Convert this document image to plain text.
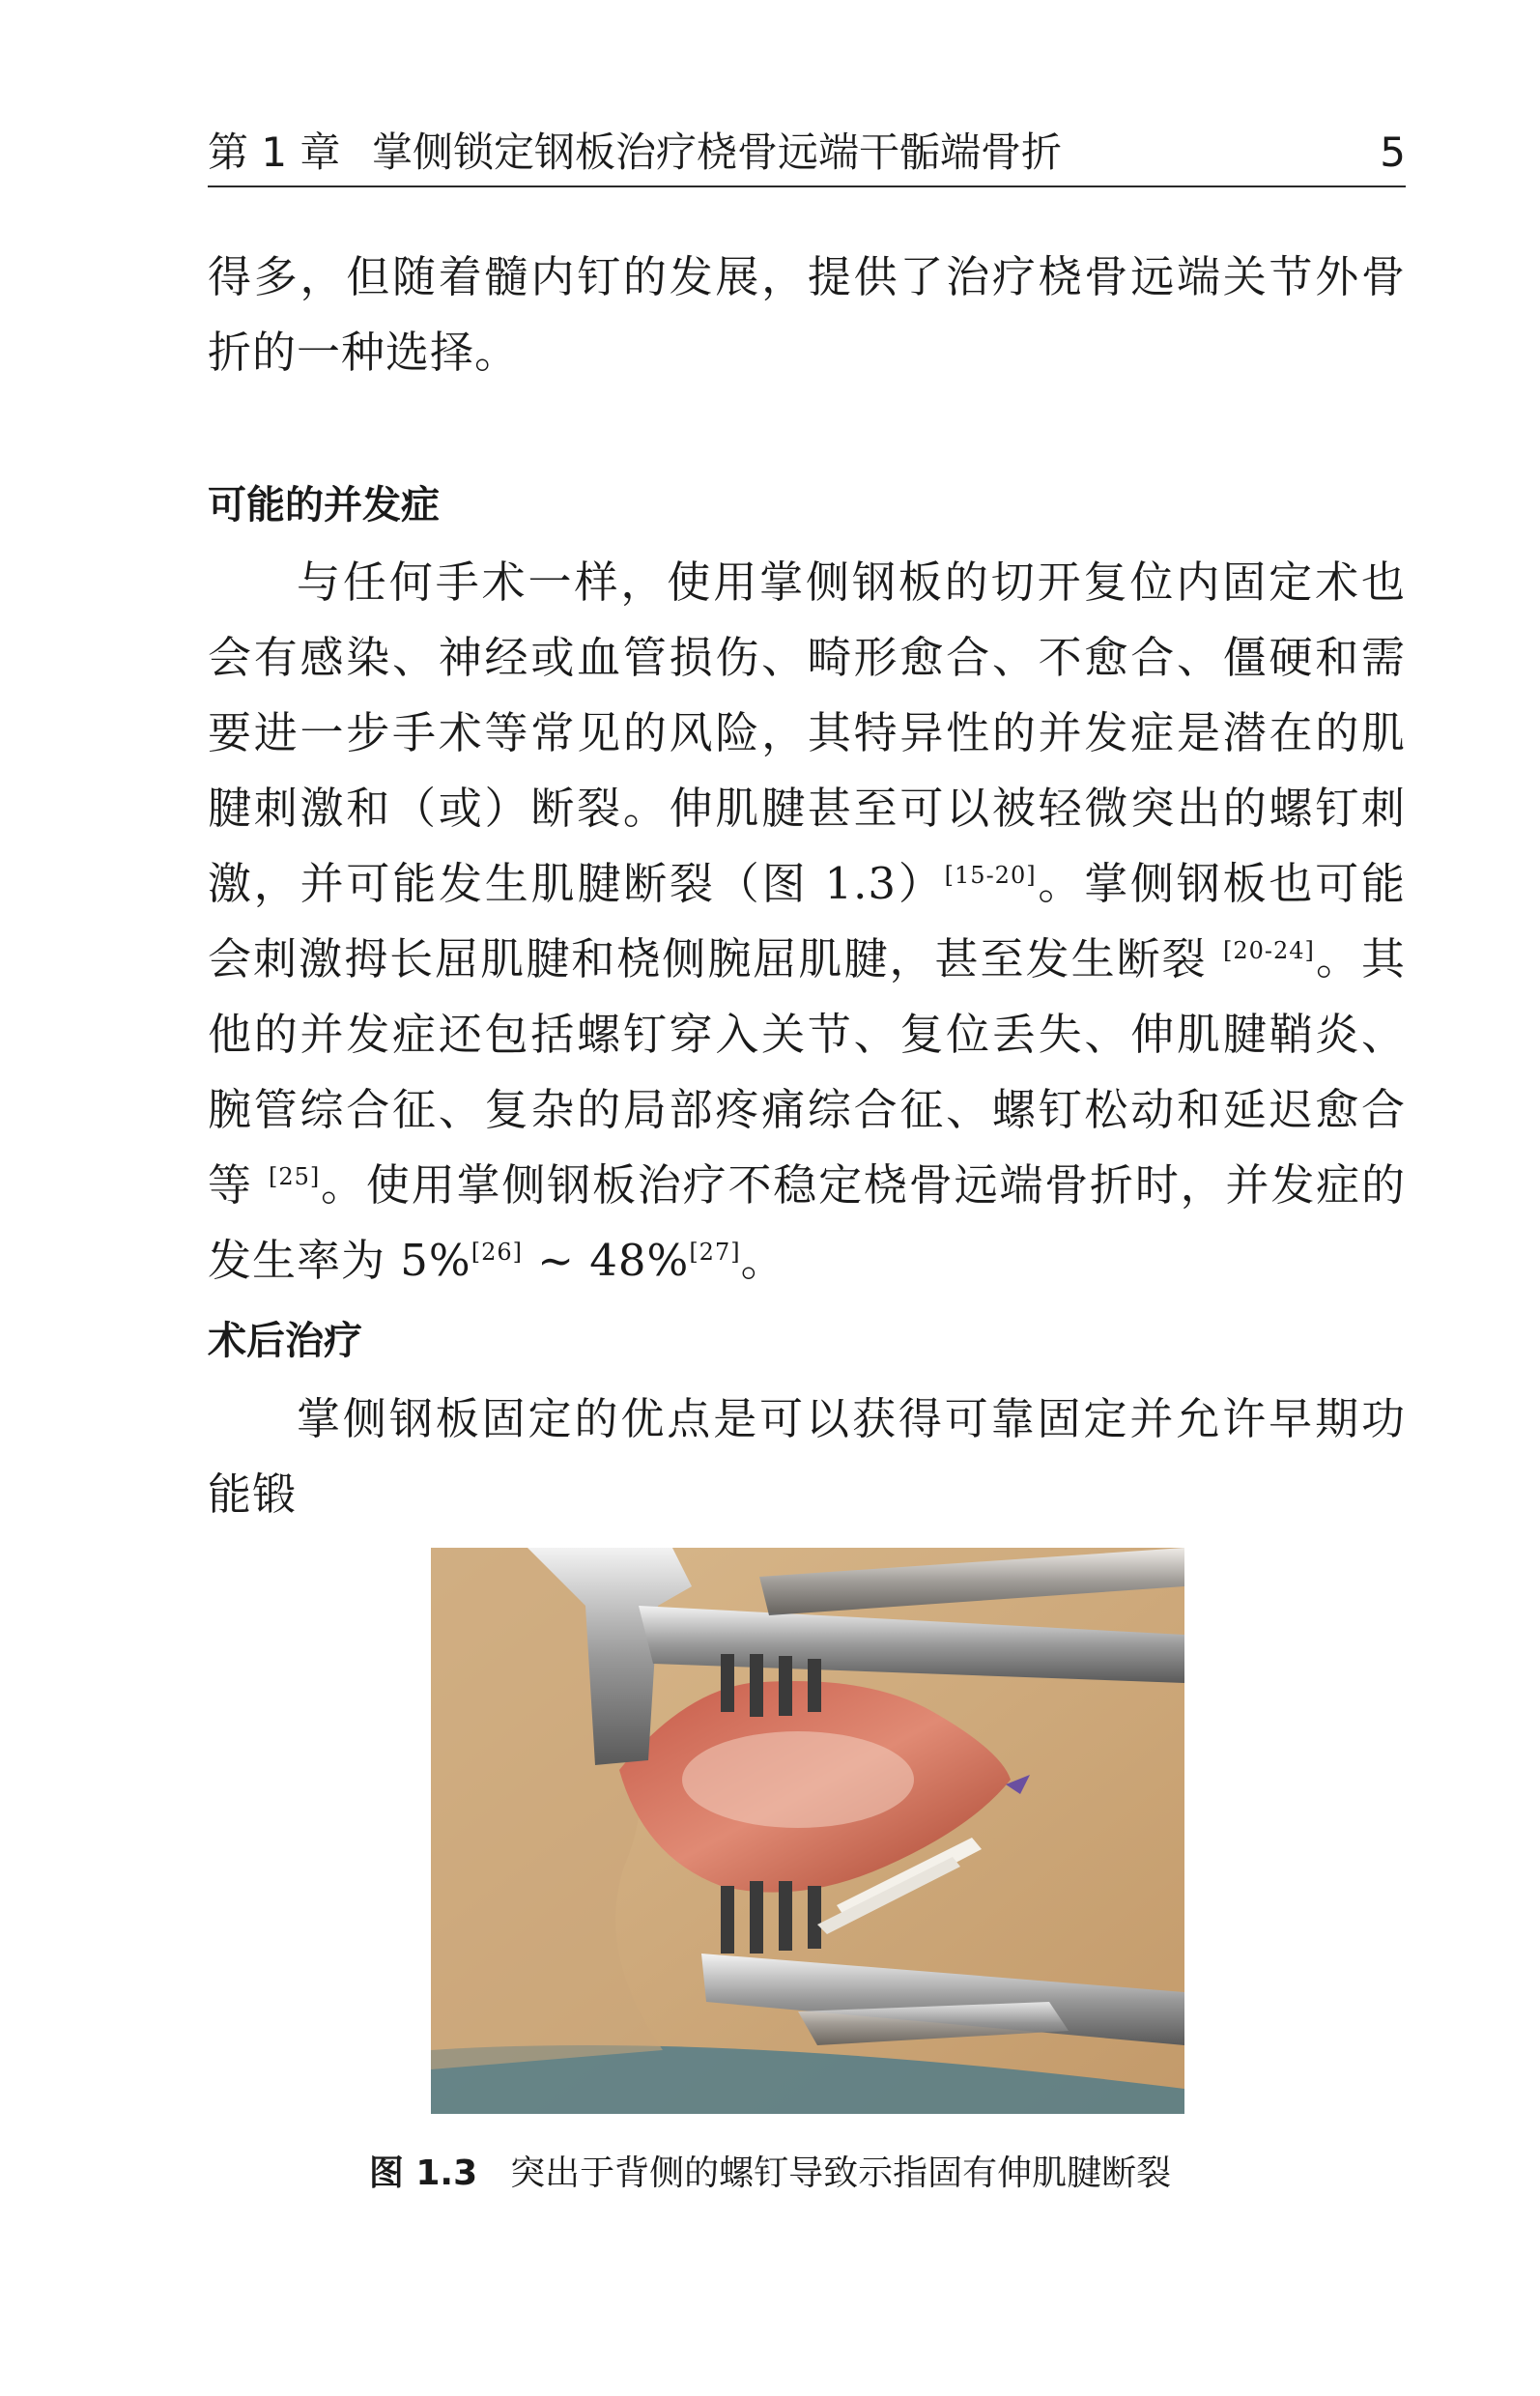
第 1 章 掌侧锁定钢板治疗桡骨远端干骺端骨折	5
得多，但随着髓内钉的发展，提供了治疗桡骨远端关节外骨折的一种选择。
可能的并发症
与任何手术一样，使用掌侧钢板的切开复位内固定术也会有感染、神经或血管损伤、畸形愈合、不愈合、僵硬和需要进一步手术等常见的风险，其特异性的并发症是潜在的肌腱刺激和（或）断裂。伸肌腱甚至可以被轻微突出的螺钉刺激，并可能发生肌腱断裂（图 1.3）[15-20]。掌侧钢板也可能会刺激拇长屈肌腱和桡侧腕屈肌腱，甚至发生断裂 [20-24]。其他的并发症还包括螺钉穿入关节、复位丢失、伸肌腱鞘炎、腕管综合征、复杂的局部疼痛综合征、螺钉松动和延迟愈合等 [25]。使用掌侧钢板治疗不稳定桡骨远端骨折时，并发症的发生率为 5%[26] ~ 48%[27]。
术后治疗
掌侧钢板固定的优点是可以获得可靠固定并允许早期功能锻
图 1.3 突出于背侧的螺钉导致示指固有伸肌腱断裂
